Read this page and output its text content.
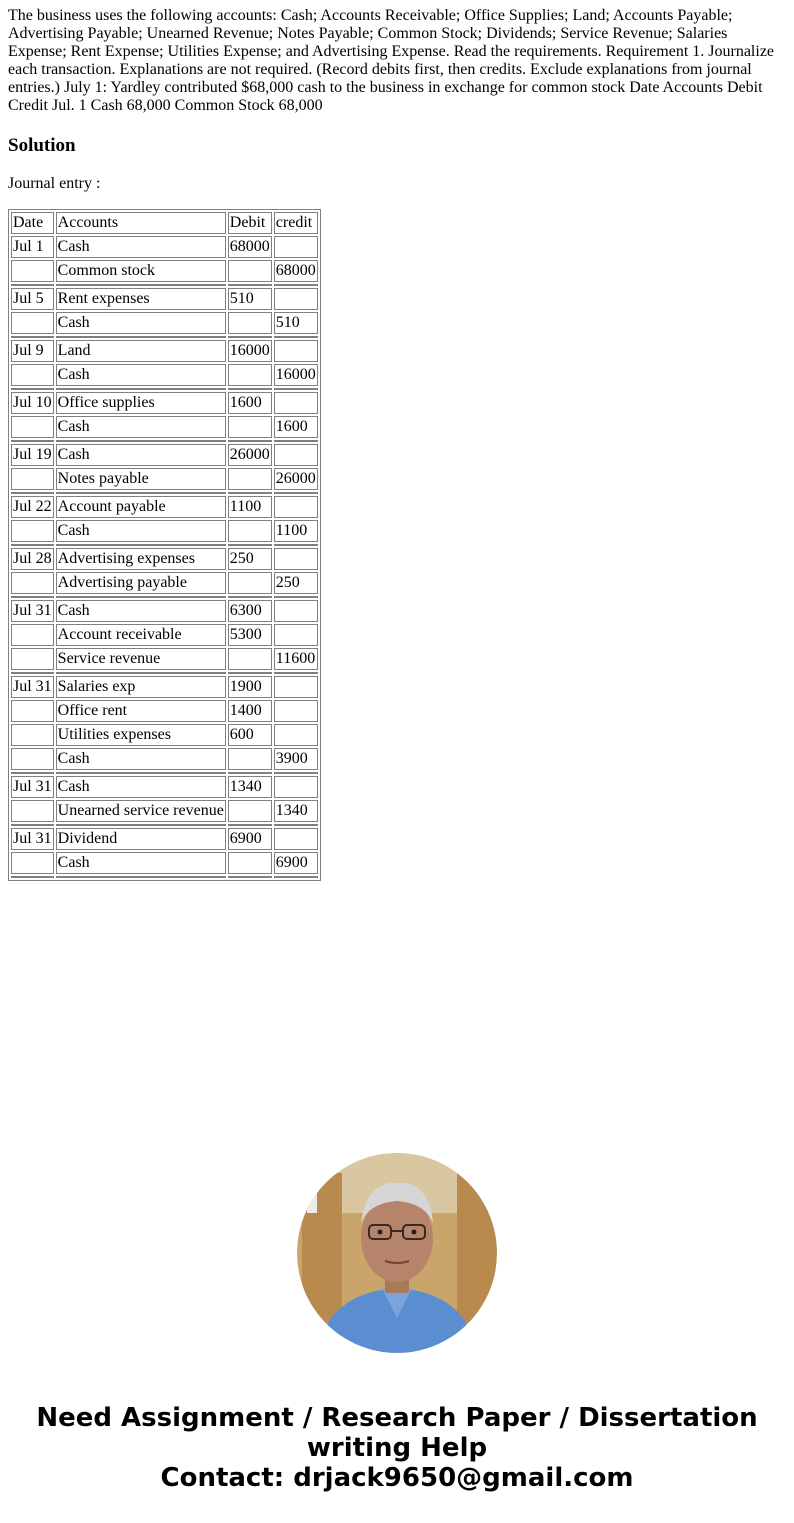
The business uses the following accounts: Cash; Accounts Receivable; Office Supplies; Land; Accounts Payable; Advertising Payable; Unearned Revenue; Notes Payable; Common Stock; Dividends; Service Revenue; Salaries Expense; Rent Expense; Utilities Expense; and Advertising Expense. Read the requirements. Requirement 1. Journalize each transaction. Explanations are not required. (Record debits first, then credits. Exclude explanations from journal entries.) July 1: Yardley contributed $68,000 cash to the business in exchange for common stock Date Accounts Debit Credit Jul. 1 Cash 68,000 Common Stock 68,000

Solution

Journal entry :

Date	Accounts	Debit	credit
Jul 1	Cash	68000	
	Common stock		68000

Jul 5	Rent expenses	510	
	Cash		510

Jul 9	Land	16000	
	Cash		16000

Jul 10	Office supplies	1600	
	Cash		1600

Jul 19	Cash	26000	
	Notes payable		26000

Jul 22	Account payable	1100	
	Cash		1100

Jul 28	Advertising expenses	250	
	Advertising payable		250

Jul 31	Cash	6300	
	Account receivable	5300	
	Service revenue		11600

Jul 31	Salaries exp	1900	
	Office rent	1400	
	Utilities expenses	600	
	Cash		3900

Jul 31	Cash	1340	
	Unearned service revenue		1340

Jul 31	Dividend	6900	
	Cash		6900

Need Assignment / Research Paper / Dissertation
writing Help
Contact: drjack9650@gmail.com
